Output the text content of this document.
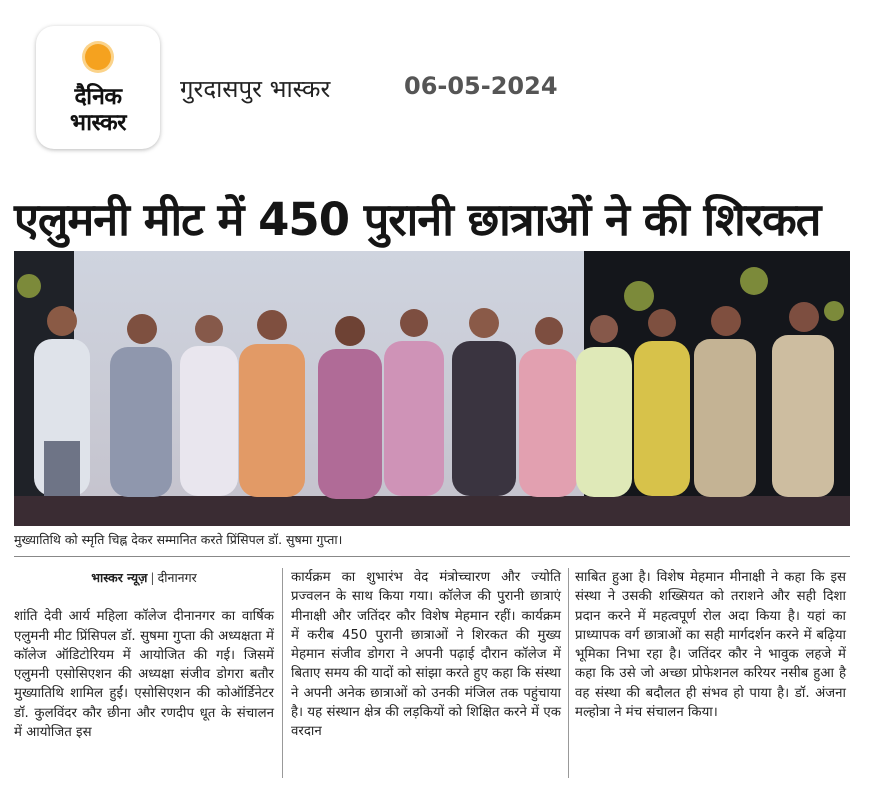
दैनिक
भास्कर
गुरदासपुर भास्कर	06-05-2024
एलुमनी मीट में 450 पुरानी छात्राओं ने की शिरकत
मुख्यातिथि को स्मृति चिह्न देकर सम्मानित करते प्रिंसिपल डॉ. सुषमा गुप्ता।
भास्कर न्यूज़ | दीनानगर

शांति देवी आर्य महिला कॉलेज दीनानगर का वार्षिक एलुमनी मीट प्रिंसिपल डॉ. सुषमा गुप्ता की अध्यक्षता में कॉलेज ऑडिटोरियम में आयोजित की गई। जिसमें एलुमनी एसोसिएशन की अध्यक्षा संजीव डोगरा बतौर मुख्यातिथि शामिल हुईं। एसोसिएशन की कोऑर्डिनेटर डॉ. कुलविंदर कौर छीना और रणदीप धूत के संचालन में आयोजित इस

कार्यक्रम का शुभारंभ वेद मंत्रोच्चारण और ज्योति प्रज्वलन के साथ किया गया। कॉलेज की पुरानी छात्राएं मीनाक्षी और जतिंदर कौर विशेष मेहमान रहीं। कार्यक्रम में करीब 450 पुरानी छात्राओं ने शिरकत की मुख्य मेहमान संजीव डोगरा ने अपनी पढ़ाई दौरान कॉलेज में बिताए समय की यादों को सांझा करते हुए कहा कि संस्था ने अपनी अनेक छात्राओं को उनकी मंजिल तक पहुंचाया है। यह संस्थान क्षेत्र की लड़कियों को शिक्षित करने में एक वरदान

साबित हुआ है। विशेष मेहमान मीनाक्षी ने कहा कि इस संस्था ने उसकी शख्सियत को तराशने और सही दिशा प्रदान करने में महत्वपूर्ण रोल अदा किया है। यहां का प्राध्यापक वर्ग छात्राओं का सही मार्गदर्शन करने में बढ़िया भूमिका निभा रहा है। जतिंदर कौर ने भावुक लहजे में कहा कि उसे जो अच्छा प्रोफेशनल करियर नसीब हुआ है वह संस्था की बदौलत ही संभव हो पाया है। डॉ. अंजना मल्होत्रा ने मंच संचालन किया।
